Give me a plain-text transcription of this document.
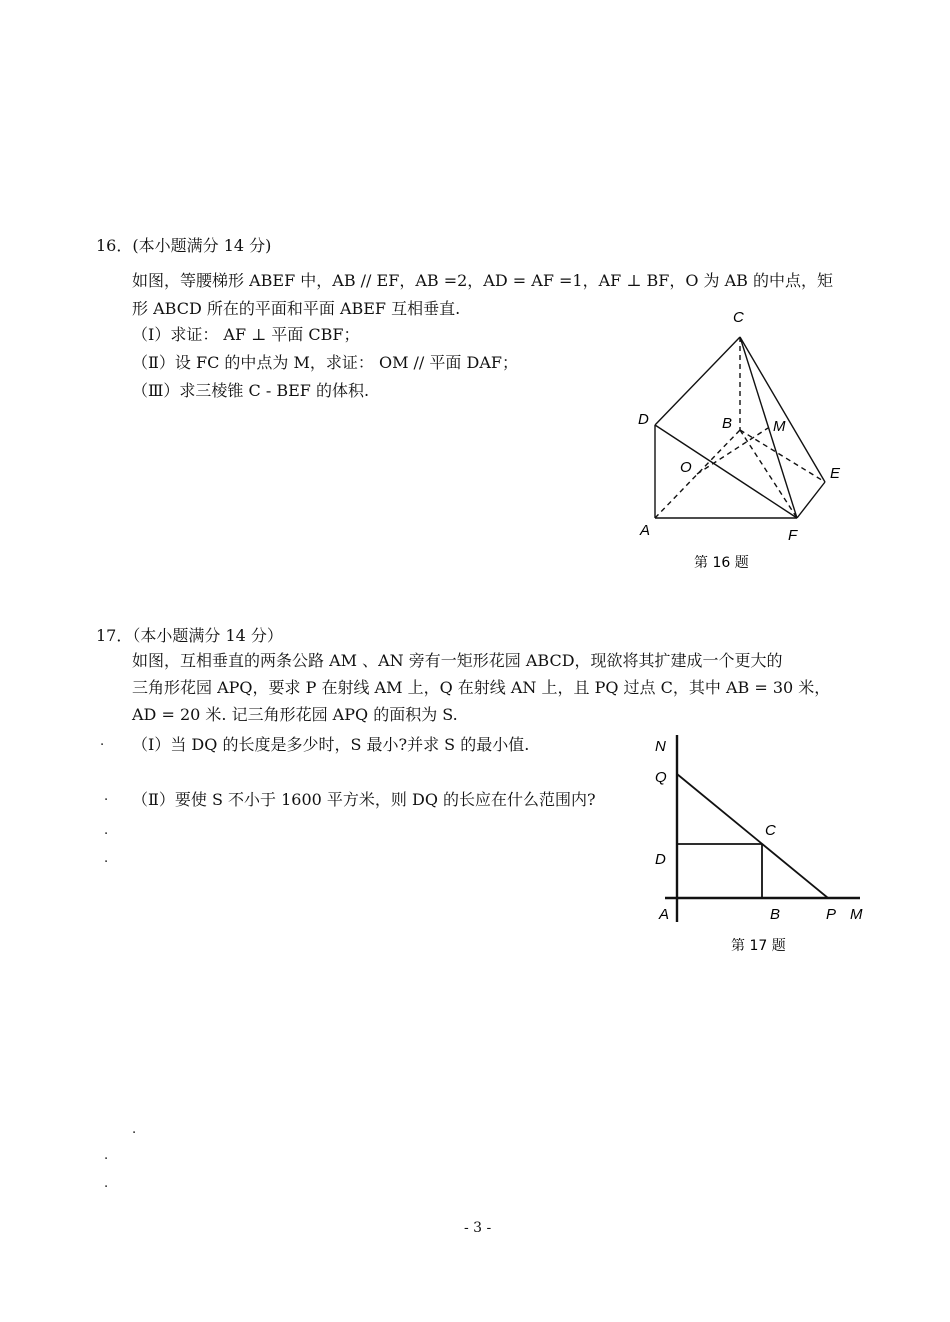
16．(本小题满分 14 分)
如图，等腰梯形 ABEF 中，AB // EF，AB =2，AD = AF =1，AF ⊥ BF，O 为 AB 的中点，矩
形 ABCD 所在的平面和平面 ABEF 互相垂直.
（Ⅰ）求证： AF ⊥ 平面 CBF；
（Ⅱ）设 FC 的中点为 M，求证： OM // 平面 DAF；
（Ⅲ）求三棱锥 C - BEF 的体积.
C
D	B	M
O	E
A	F
第 16 题
17．（本小题满分 14 分）
如图，互相垂直的两条公路 AM 、AN 旁有一矩形花园 ABCD，现欲将其扩建成一个更大的
三角形花园 APQ，要求 P 在射线 AM 上，Q 在射线 AN 上，且 PQ 过点 C，其中 AB = 30 米，
AD = 20 米. 记三角形花园 APQ 的面积为 S.
（Ⅰ）当 DQ 的长度是多少时，S 最小?并求 S 的最小值.
（Ⅱ）要使 S 不小于 1600 平方米，则 DQ 的长应在什么范围内?
N
Q
C
D
A	B	P M
第 17 题
.
.
.
.
.
.
.
- 3 -
